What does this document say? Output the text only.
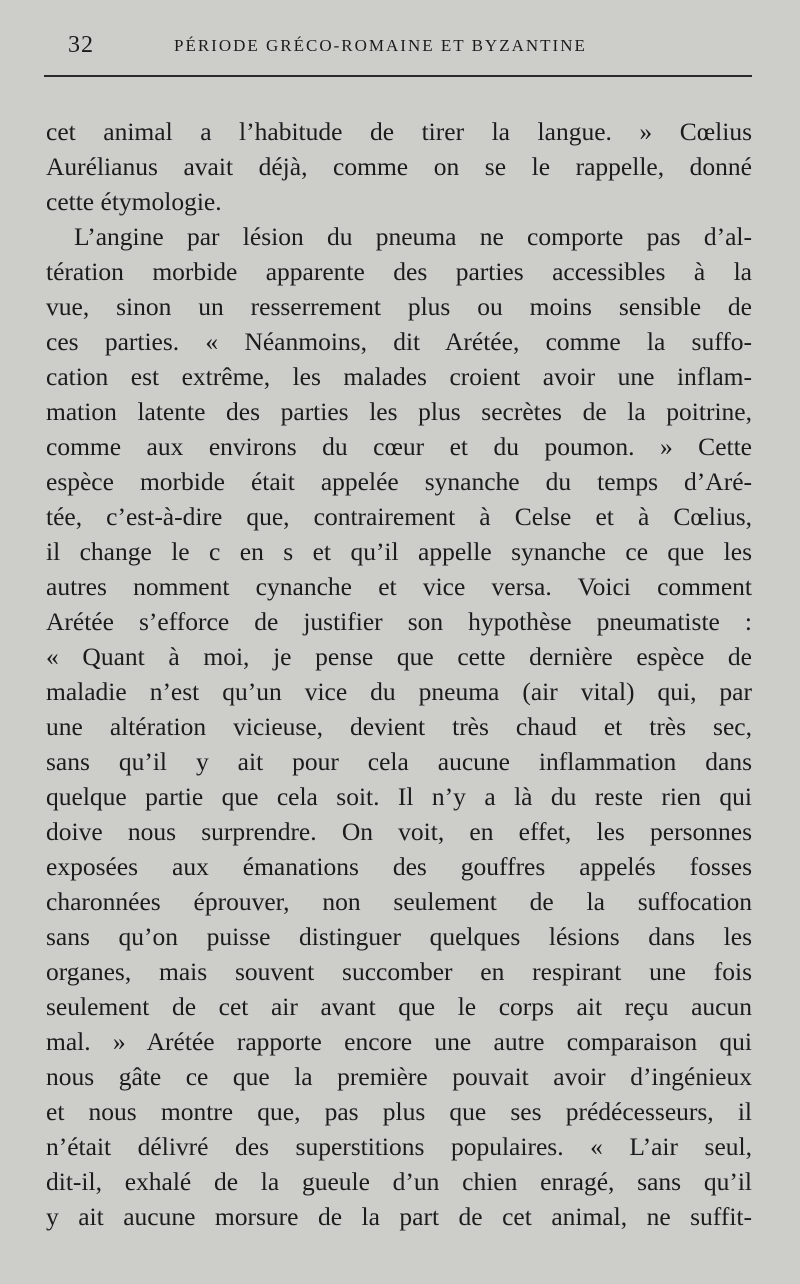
32	PÉRIODE GRÉCO-ROMAINE ET BYZANTINE
cet animal a l’habitude de tirer la langue. » Cœlius
Aurélianus avait déjà, comme on se le rappelle, donné
cette étymologie.
L’angine par lésion du pneuma ne comporte pas d’al-
tération morbide apparente des parties accessibles à la
vue, sinon un resserrement plus ou moins sensible de
ces parties. « Néanmoins, dit Arétée, comme la suffo-
cation est extrême, les malades croient avoir une inflam-
mation latente des parties les plus secrètes de la poitrine,
comme aux environs du cœur et du poumon. » Cette
espèce morbide était appelée synanche du temps d’Aré-
tée, c’est-à-dire que, contrairement à Celse et à Cœlius,
il change le c en s et qu’il appelle synanche ce que les
autres nomment cynanche et vice versa. Voici comment
Arétée s’efforce de justifier son hypothèse pneumatiste :
« Quant à moi, je pense que cette dernière espèce de
maladie n’est qu’un vice du pneuma (air vital) qui, par
une altération vicieuse, devient très chaud et très sec,
sans qu’il y ait pour cela aucune inflammation dans
quelque partie que cela soit. Il n’y a là du reste rien qui
doive nous surprendre. On voit, en effet, les personnes
exposées aux émanations des gouffres appelés fosses
charonnées éprouver, non seulement de la suffocation
sans qu’on puisse distinguer quelques lésions dans les
organes, mais souvent succomber en respirant une fois
seulement de cet air avant que le corps ait reçu aucun
mal. » Arétée rapporte encore une autre comparaison qui
nous gâte ce que la première pouvait avoir d’ingénieux
et nous montre que, pas plus que ses prédécesseurs, il
n’était délivré des superstitions populaires. « L’air seul,
dit-il, exhalé de la gueule d’un chien enragé, sans qu’il
y ait aucune morsure de la part de cet animal, ne suffit-
